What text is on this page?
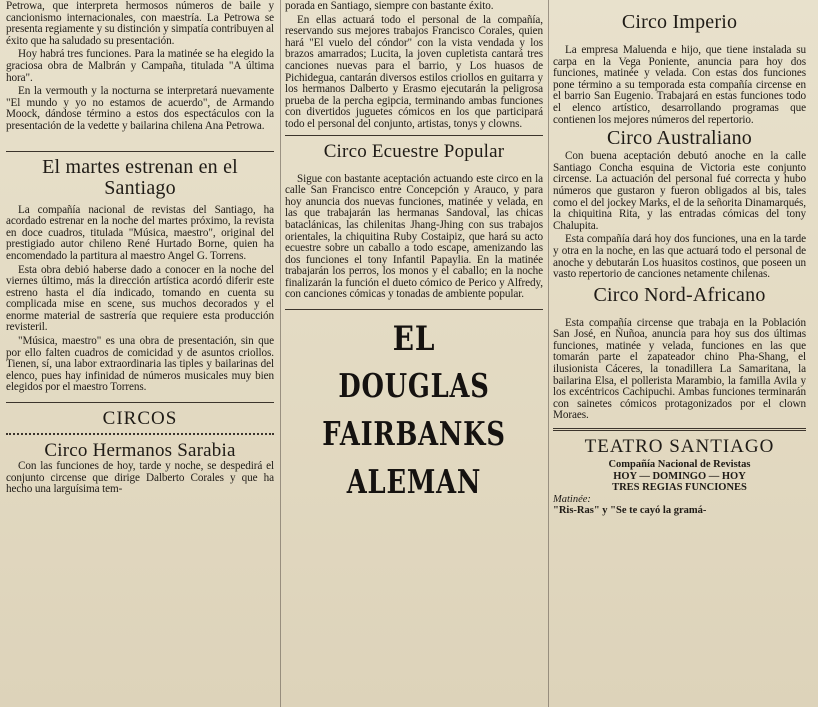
Petrowa, que interpreta hermosos números de baile y cancionismo internacionales, con maestría. La Petrowa se presenta regiamente y su distinción y simpatía contribuyen al éxito que ha saludado su presentación.

Hoy habrá tres funciones. Para la matinée se ha elegido la graciosa obra de Malbrán y Campaña, titulada "A última hora".

En la vermouth y la nocturna se interpretará nuevamente "El mundo y yo no estamos de acuerdo", de Armando Moock, dándose término a estos dos espectáculos con la presentación de la vedette y bailarina chilena Ana Petrowa.

El martes estrenan en el Santiago

La compañía nacional de revistas del Santiago, ha acordado estrenar en la noche del martes próximo, la revista en doce cuadros, titulada "Música, maestro", original del prestigiado autor chileno René Hurtado Borne, quien ha encomendado la partitura al maestro Angel G. Torrens.

Esta obra debió haberse dado a conocer en la noche del viernes último, más la dirección artística acordó diferir este estreno hasta el día indicado, tomando en cuenta su complicada mise en scene, sus muchos decorados y el enorme material de sastrería que requiere esta producción revisteril.

"Música, maestro" es una obra de presentación, sin que por ello falten cuadros de comicidad y de asuntos criollos. Tienen, sí, una labor extraordinaria las tiples y bailarinas del elenco, pues hay infinidad de números musicales muy bien elegidos por el maestro Torrens.

CIRCOS
Circo Hermanos Sarabia

Con las funciones de hoy, tarde y noche, se despedirá el conjunto circense que dirige Dalberto Corales y que ha hecho una larguísima tem-

porada en Santiago, siempre con bastante éxito.

En ellas actuará todo el personal de la compañía, reservando sus mejores trabajos Francisco Corales, quien hará "El vuelo del cóndor" con la vista vendada y los brazos amarrados; Lucita, la joven cupletista cantará tres canciones nuevas para el barrio, y Los huasos de Pichidegua, cantarán diversos estilos criollos en guitarra y los hermanos Dalberto y Erasmo ejecutarán la peligrosa prueba de la percha egipcia, terminando ambas funciones con divertidos juguetes cómicos en los que participará todo el personal del conjunto, artistas, tonys y clowns.

Circo Ecuestre Popular

Sigue con bastante aceptación actuando este circo en la calle San Francisco entre Concepción y Arauco, y para hoy anuncia dos nuevas funciones, matinée y velada, en las que trabajarán las hermanas Sandoval, las chicas bataclánicas, las chilenitas Jhang-Jhing con sus trabajos orientales, la chiquitina Ruby Costaipiz, que hará su acto ecuestre sobre un caballo a todo escape, amenizando las dos funciones el tony Infantil Papaylia. En la matinée trabajarán los perros, los monos y el caballo; en la noche finalizarán la función el dueto cómico de Perico y Alfredy, con canciones cómicas y tonadas de ambiente popular.

EL
DOUGLAS
FAIRBANKS
ALEMAN
Circo Imperio

La empresa Maluenda e hijo, que tiene instalada su carpa en la Vega Poniente, anuncia para hoy dos funciones, matinée y velada. Con estas dos funciones pone término a su temporada esta compañía circense en el barrio San Eugenio. Trabajará en estas funciones todo el elenco artístico, desarrollando programas que contienen los mejores números del repertorio.

Circo Australiano

Con buena aceptación debutó anoche en la calle Santiago Concha esquina de Victoria este conjunto circense. La actuación del personal fué correcta y hubo números que gustaron y fueron obligados al bis, tales como el del jockey Marks, el de la señorita Dinamarqués, la chiquitina Rita, y las entradas cómicas del tony Chalupita.

Esta compañía dará hoy dos funciones, una en la tarde y otra en la noche, en las que actuará todo el personal de anoche y debutarán Los huasitos costinos, que poseen un vasto repertorio de canciones netamente chilenas.

Circo Nord-Africano

Esta compañía circense que trabaja en la Población San José, en Ñuñoa, anuncia para hoy sus dos últimas funciones, matinée y velada, funciones en las que tomarán parte el zapateador chino Pha-Shang, el ilusionista Cáceres, la tonadillera La Samaritana, la bailarina Elsa, el pollerista Marambio, la familla Avila y los excéntricos Cachipuchi. Ambas funciones terminarán con sainetes cómicos protagonizados por el clown Moraes.

TEATRO SANTIAGO
Compañía Nacional de Revistas
HOY — DOMINGO — HOY
TRES REGIAS FUNCIONES
Matinée:
"Ris-Ras" y "Se te cayó la gramá-
